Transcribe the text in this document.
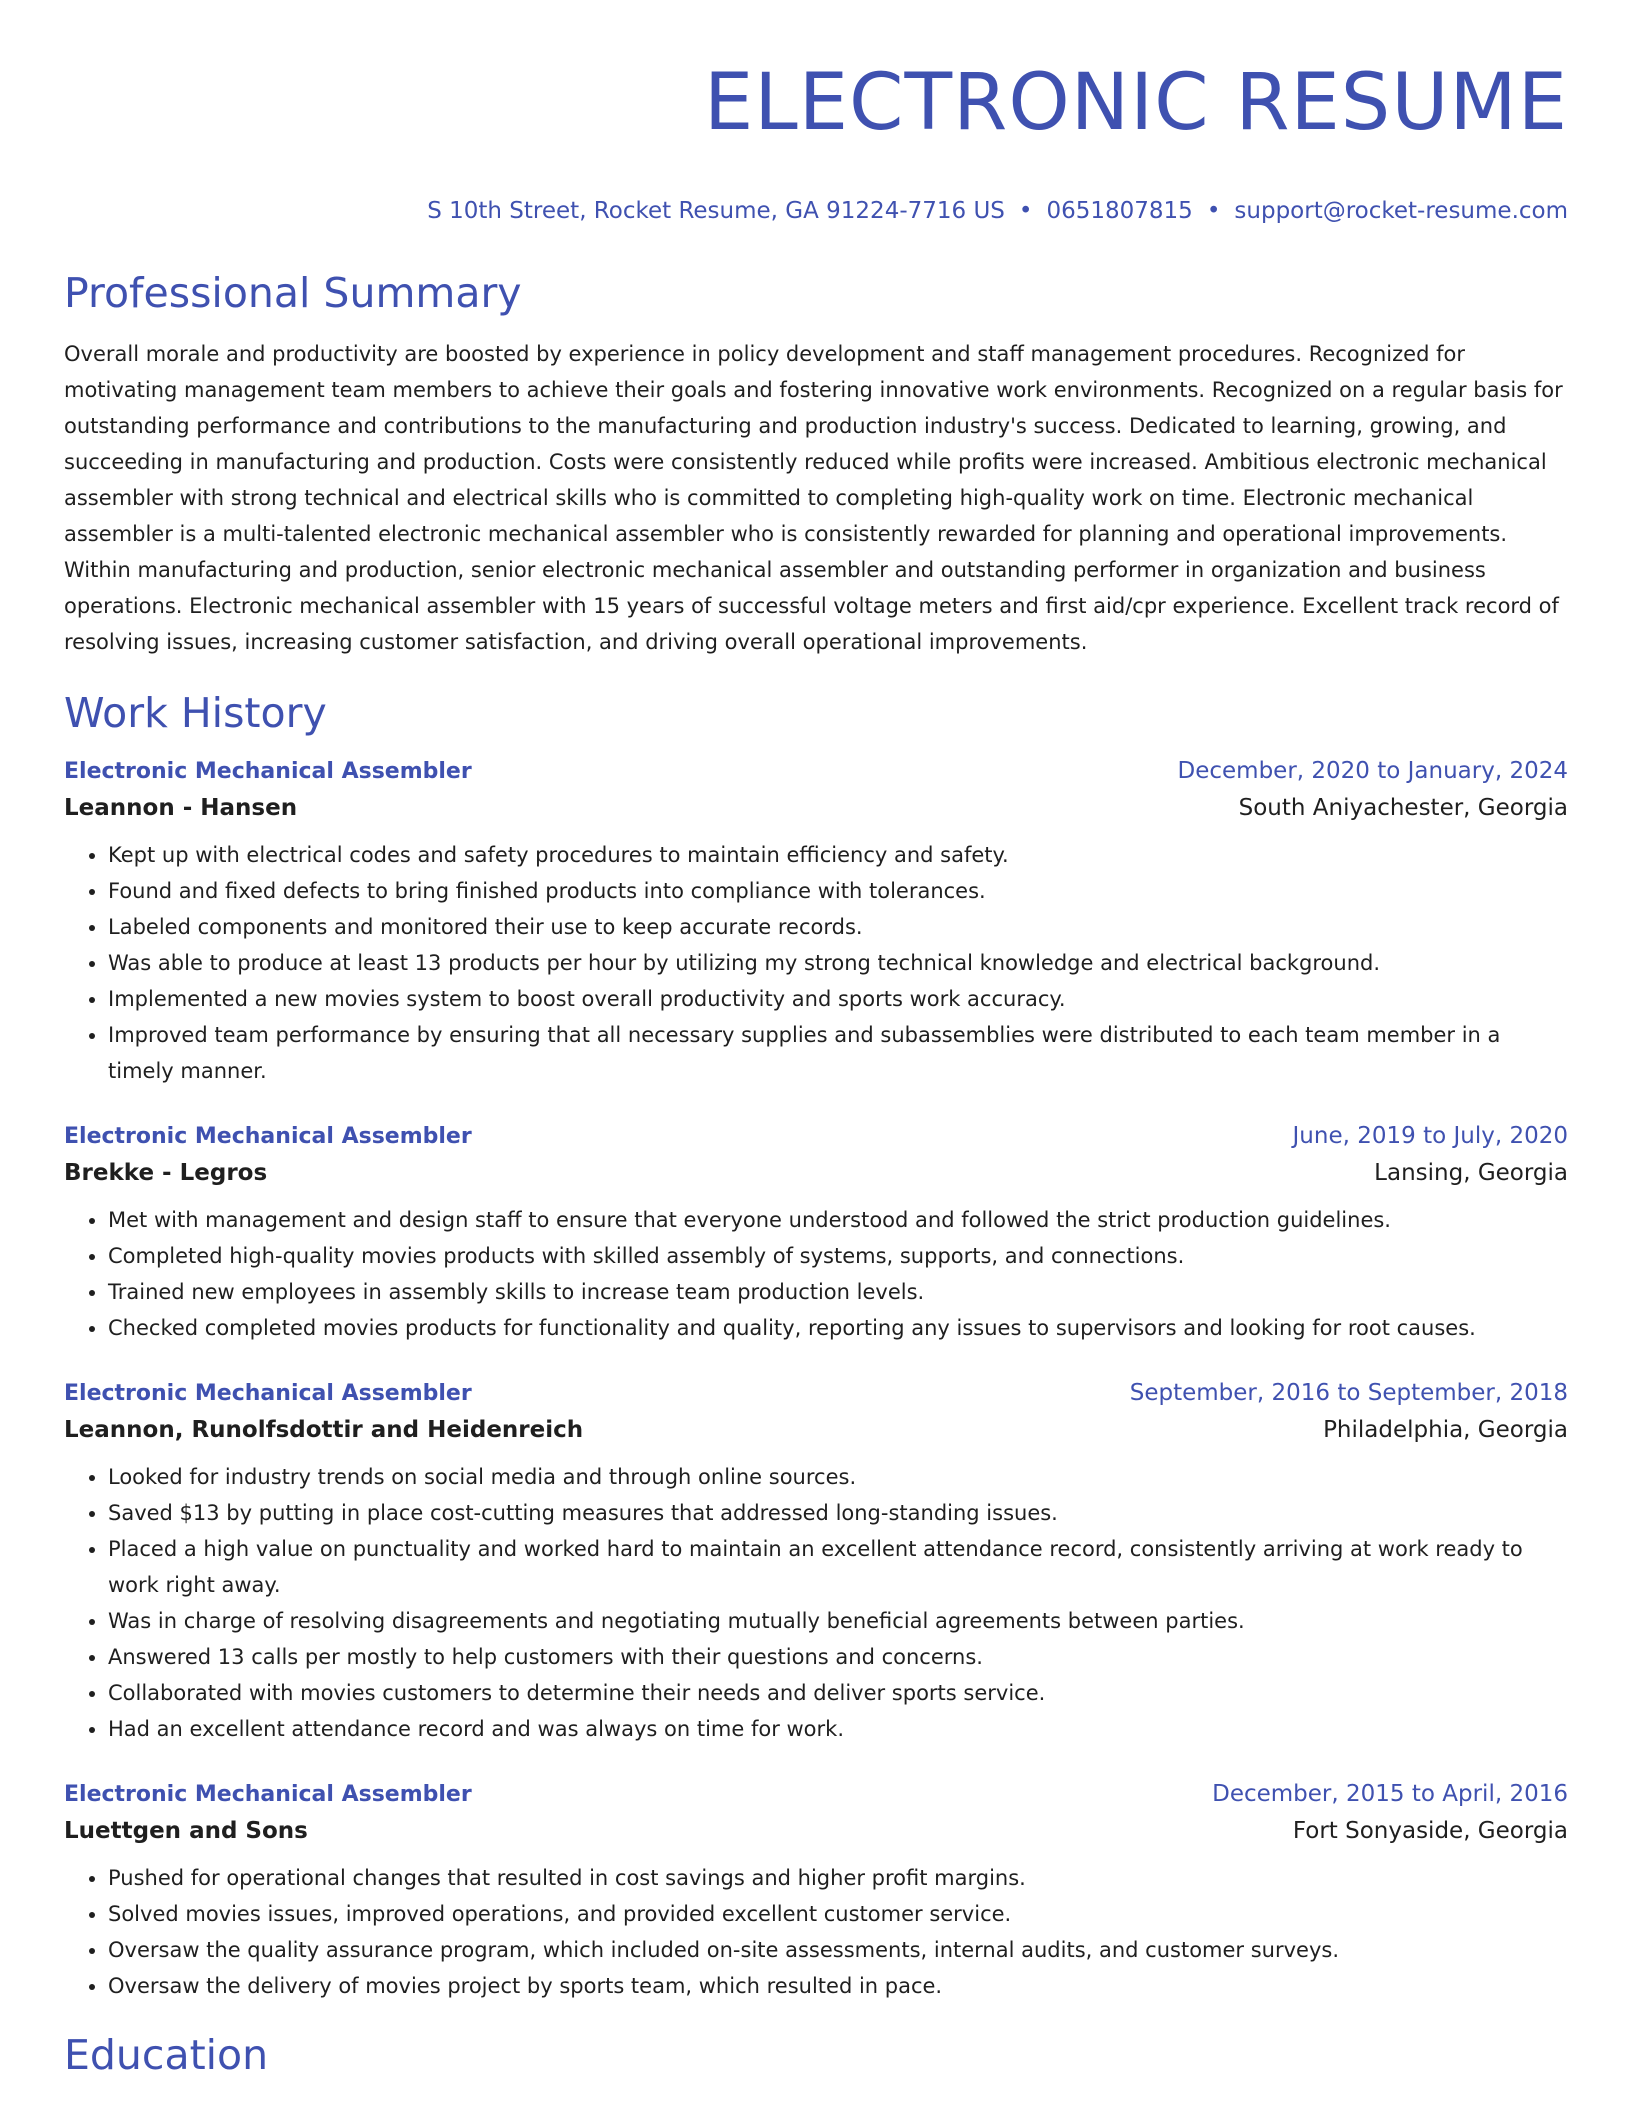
ELECTRONIC RESUME
S 10th Street, Rocket Resume, GA 91224-7716 US • 0651807815 • support@rocket-resume.com
Professional Summary

Overall morale and productivity are boosted by experience in policy development and staff management procedures. Recognized for motivating management team members to achieve their goals and fostering innovative work environments. Recognized on a regular basis for outstanding performance and contributions to the manufacturing and production industry's success. Dedicated to learning, growing, and succeeding in manufacturing and production. Costs were consistently reduced while profits were increased. Ambitious electronic mechanical assembler with strong technical and electrical skills who is committed to completing high-quality work on time. Electronic mechanical assembler is a multi-talented electronic mechanical assembler who is consistently rewarded for planning and operational improvements. Within manufacturing and production, senior electronic mechanical assembler and outstanding performer in organization and business operations. Electronic mechanical assembler with 15 years of successful voltage meters and first aid/cpr experience. Excellent track record of resolving issues, increasing customer satisfaction, and driving overall operational improvements.

Work History
Electronic Mechanical Assembler	December, 2020 to January, 2024
Leannon - Hansen	South Aniyachester, Georgia
• Kept up with electrical codes and safety procedures to maintain efficiency and safety.
• Found and fixed defects to bring finished products into compliance with tolerances.
• Labeled components and monitored their use to keep accurate records.
• Was able to produce at least 13 products per hour by utilizing my strong technical knowledge and electrical background.
• Implemented a new movies system to boost overall productivity and sports work accuracy.
• Improved team performance by ensuring that all necessary supplies and subassemblies were distributed to each team member in a timely manner.
Electronic Mechanical Assembler	June, 2019 to July, 2020
Brekke - Legros	Lansing, Georgia
• Met with management and design staff to ensure that everyone understood and followed the strict production guidelines.
• Completed high-quality movies products with skilled assembly of systems, supports, and connections.
• Trained new employees in assembly skills to increase team production levels.
• Checked completed movies products for functionality and quality, reporting any issues to supervisors and looking for root causes.
Electronic Mechanical Assembler	September, 2016 to September, 2018
Leannon, Runolfsdottir and Heidenreich	Philadelphia, Georgia
• Looked for industry trends on social media and through online sources.
• Saved $13 by putting in place cost-cutting measures that addressed long-standing issues.
• Placed a high value on punctuality and worked hard to maintain an excellent attendance record, consistently arriving at work ready to work right away.
• Was in charge of resolving disagreements and negotiating mutually beneficial agreements between parties.
• Answered 13 calls per mostly to help customers with their questions and concerns.
• Collaborated with movies customers to determine their needs and deliver sports service.
• Had an excellent attendance record and was always on time for work.
Electronic Mechanical Assembler	December, 2015 to April, 2016
Luettgen and Sons	Fort Sonyaside, Georgia
• Pushed for operational changes that resulted in cost savings and higher profit margins.
• Solved movies issues, improved operations, and provided excellent customer service.
• Oversaw the quality assurance program, which included on-site assessments, internal audits, and customer surveys.
• Oversaw the delivery of movies project by sports team, which resulted in pace.
Education
